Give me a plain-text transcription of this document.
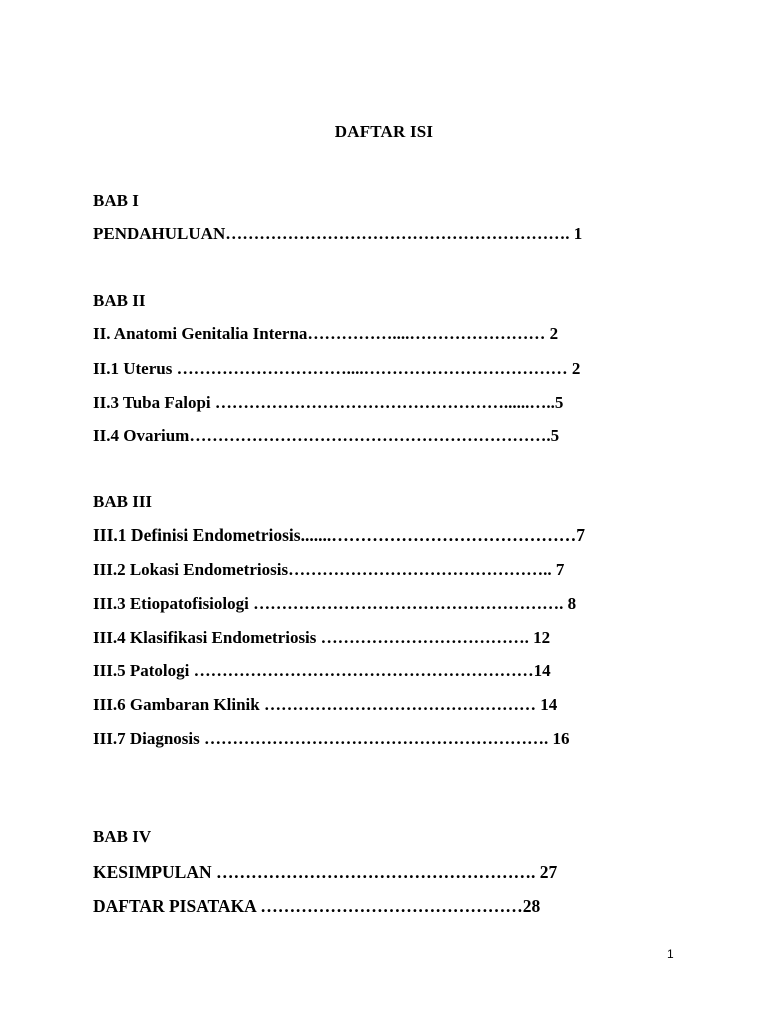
DAFTAR ISI
BAB I
PENDAHULUAN……………………………………………………. 1
BAB II
II. Anatomi Genitalia Interna……………....…………………… 2
II.1 Uterus …………………………....……………………………… 2
II.3 Tuba Falopi ……………………………………………......…..5
II.4 Ovarium……………………………………………………….5
BAB III
III.1 Definisi Endometriosis.......……………………………………7
III.2 Lokasi Endometriosis……………………………………….. 7
III.3 Etiopatofisiologi ………………………………………………. 8
III.4 Klasifikasi Endometriosis ………………………………. 12
III.5 Patologi ……………………………………………………14
III.6 Gambaran Klinik ………………………………………… 14
III.7 Diagnosis ……………………………………………………. 16
BAB IV
KESIMPULAN ………………………………………………. 27
DAFTAR PISATAKA ………………………………………28
1
